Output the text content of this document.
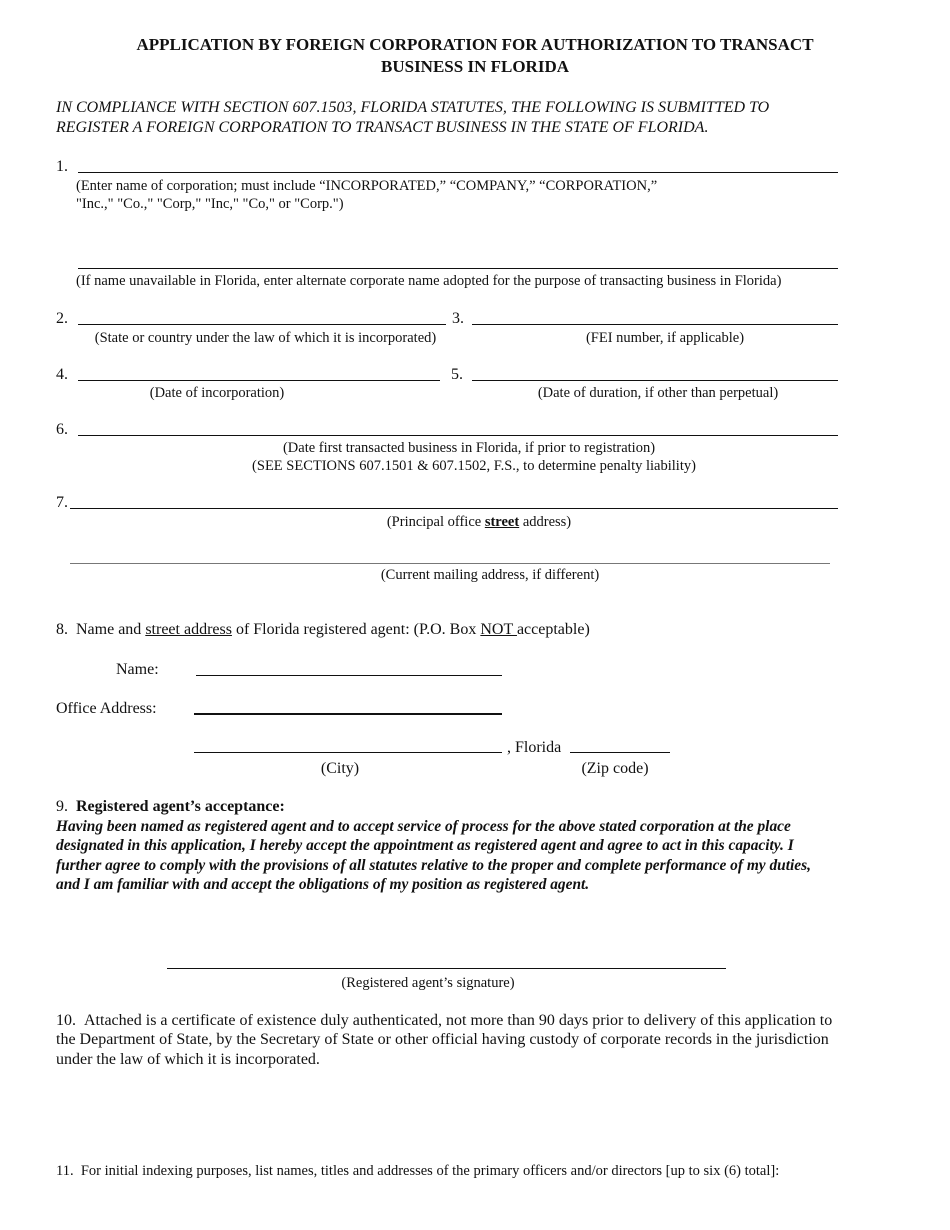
APPLICATION BY FOREIGN CORPORATION FOR AUTHORIZATION TO TRANSACT
BUSINESS IN FLORIDA
IN COMPLIANCE WITH SECTION 607.1503, FLORIDA STATUTES, THE FOLLOWING IS SUBMITTED TO
REGISTER A FOREIGN CORPORATION TO TRANSACT BUSINESS IN THE STATE OF FLORIDA.
1.
(Enter name of corporation; must include “INCORPORATED,” “COMPANY,” “CORPORATION,”
"Inc.," "Co.," "Corp," "Inc," "Co," or "Corp.")
(If name unavailable in Florida, enter alternate corporate name adopted for the purpose of transacting business in Florida)
2.
(State or country under the law of which it is incorporated)
3.
(FEI number, if applicable)
4.
(Date of incorporation)
5.
(Date of duration, if other than perpetual)
6.
(Date first transacted business in Florida, if prior to registration)
(SEE SECTIONS 607.1501 & 607.1502, F.S., to determine penalty liability)
7.
(Principal office street address)
(Current mailing address, if different)
8. Name and street address of Florida registered agent: (P.O. Box NOT acceptable)
Name:
Office Address:
, Florida
(City)	(Zip code)
9. Registered agent’s acceptance:
Having been named as registered agent and to accept service of process for the above stated corporation at the place
designated in this application, I hereby accept the appointment as registered agent and agree to act in this capacity. I
further agree to comply with the provisions of all statutes relative to the proper and complete performance of my duties,
and I am familiar with and accept the obligations of my position as registered agent.
(Registered agent’s signature)
10. Attached is a certificate of existence duly authenticated, not more than 90 days prior to delivery of this application to
the Department of State, by the Secretary of State or other official having custody of corporate records in the jurisdiction
under the law of which it is incorporated.
11. For initial indexing purposes, list names, titles and addresses of the primary officers and/or directors [up to six (6) total]:
